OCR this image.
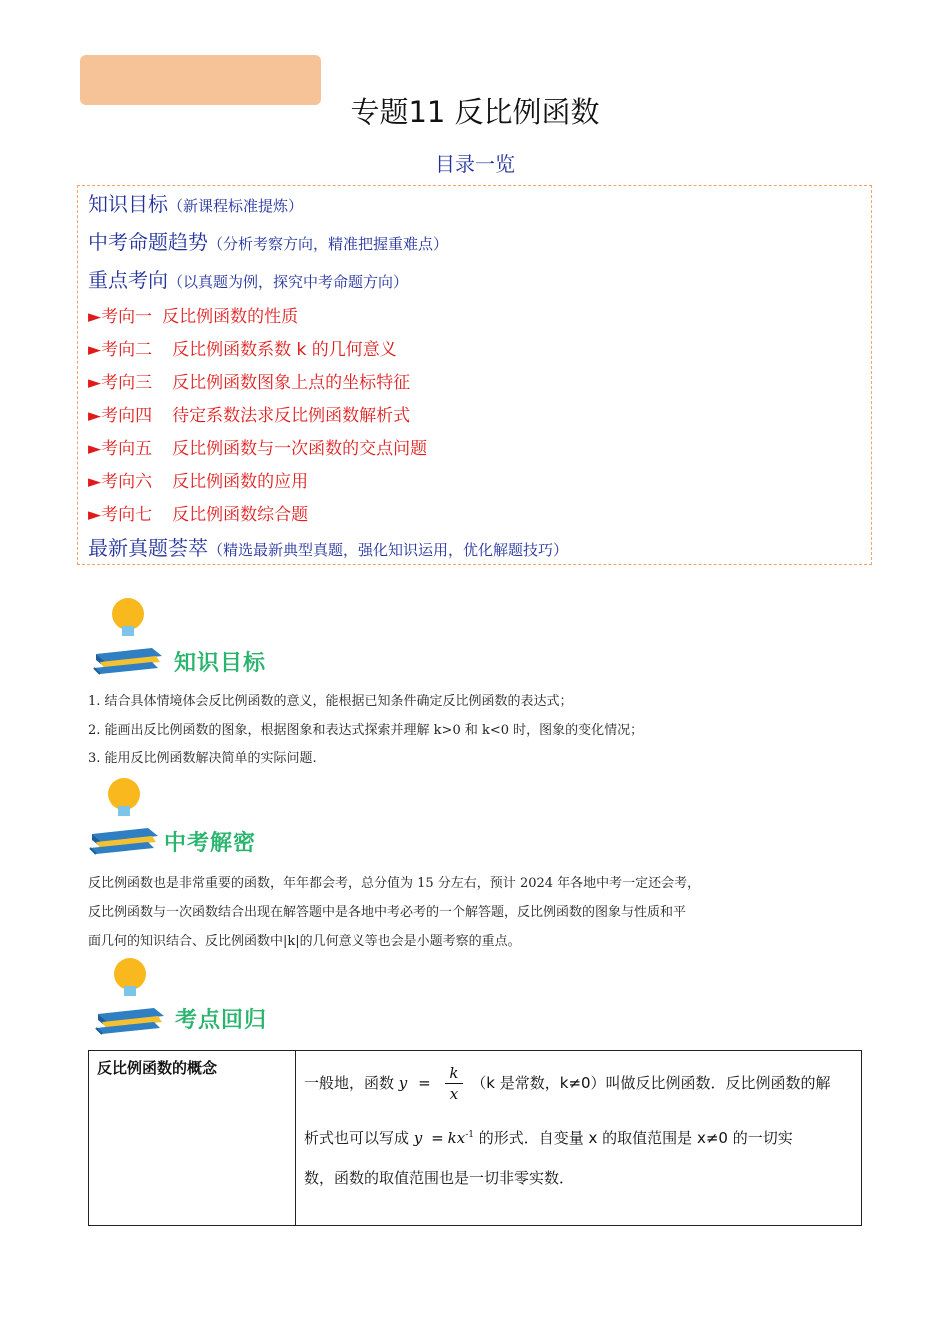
专题11 反比例函数
目录一览
知识目标（新课程标准提炼）
中考命题趋势（分析考察方向，精准把握重难点）
重点考向（以真题为例，探究中考命题方向）
►考向一 反比例函数的性质
►考向二 反比例函数系数 k 的几何意义
►考向三 反比例函数图象上点的坐标特征
►考向四 待定系数法求反比例函数解析式
►考向五 反比例函数与一次函数的交点问题
►考向六 反比例函数的应用
►考向七 反比例函数综合题
最新真题荟萃（精选最新典型真题，强化知识运用，优化解题技巧）
知识目标
1. 结合具体情境体会反比例函数的意义，能根据已知条件确定反比例函数的表达式；
2. 能画出反比例函数的图象，根据图象和表达式探索并理解 k>0 和 k<0 时，图象的变化情况；
3. 能用反比例函数解决简单的实际问题.
中考解密
反比例函数也是非常重要的函数，年年都会考，总分值为 15 分左右，预计 2024 年各地中考一定还会考，
反比例函数与一次函数结合出现在解答题中是各地中考必考的一个解答题，反比例函数的图象与性质和平
面几何的知识结合、反比例函数中|k|的几何意义等也会是小题考察的重点。
考点回归
反比例函数的概念	
一般地，函数 $y = \frac{k}{x} (k$ 是常数，k≠0）叫做反比例函数．反比例函数的解
析式也可以写成 $y = kx^{-1}$ 的形式．自变量 x 的取值范围是 x≠0 的一切实
数，函数的取值范围也是一切非零实数．
